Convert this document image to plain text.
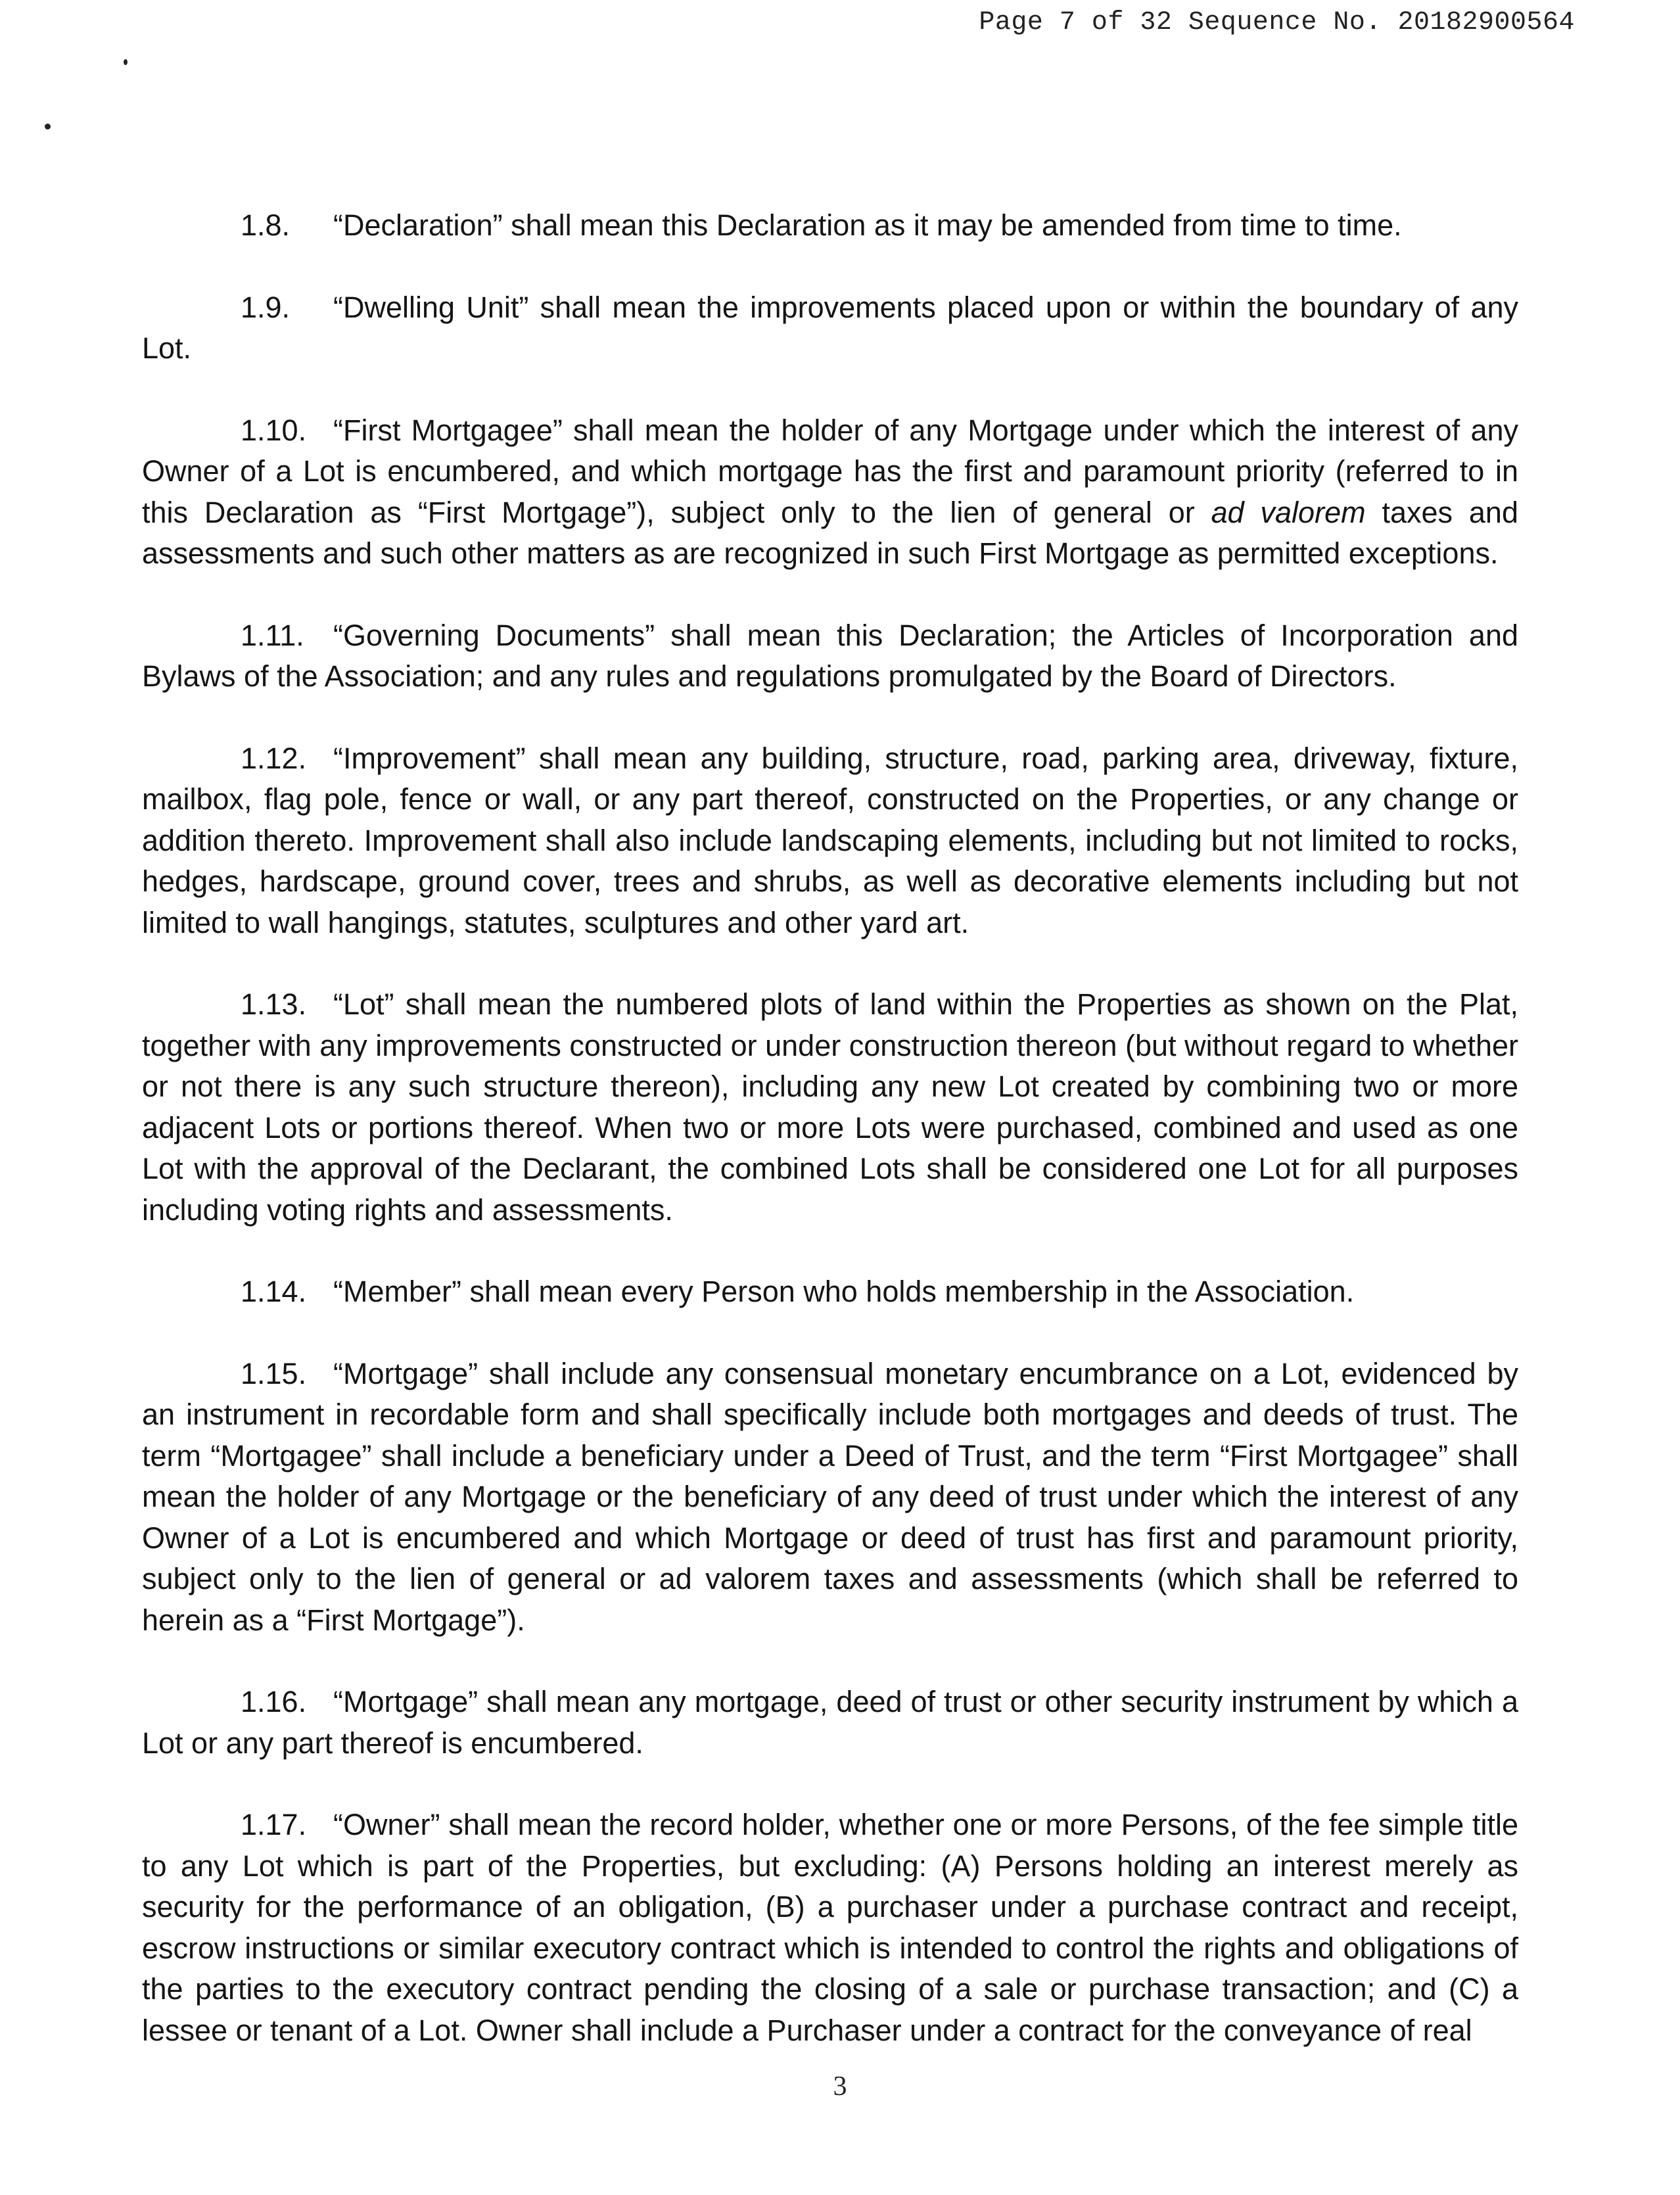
Page 7 of 32 Sequence No. 20182900564

1.8. “Declaration” shall mean this Declaration as it may be amended from time to time.

1.9. “Dwelling Unit” shall mean the improvements placed upon or within the boundary of any Lot.

1.10. “First Mortgagee” shall mean the holder of any Mortgage under which the interest of any Owner of a Lot is encumbered, and which mortgage has the first and paramount priority (referred to in this Declaration as “First Mortgage”), subject only to the lien of general or ad valorem taxes and assessments and such other matters as are recognized in such First Mortgage as permitted exceptions.

1.11. “Governing Documents” shall mean this Declaration; the Articles of Incorporation and Bylaws of the Association; and any rules and regulations promulgated by the Board of Directors.

1.12. “Improvement” shall mean any building, structure, road, parking area, driveway, fixture, mailbox, flag pole, fence or wall, or any part thereof, constructed on the Properties, or any change or addition thereto. Improvement shall also include landscaping elements, including but not limited to rocks, hedges, hardscape, ground cover, trees and shrubs, as well as decorative elements including but not limited to wall hangings, statutes, sculptures and other yard art.

1.13. “Lot” shall mean the numbered plots of land within the Properties as shown on the Plat, together with any improvements constructed or under construction thereon (but without regard to whether or not there is any such structure thereon), including any new Lot created by combining two or more adjacent Lots or portions thereof. When two or more Lots were purchased, combined and used as one Lot with the approval of the Declarant, the combined Lots shall be considered one Lot for all purposes including voting rights and assessments.

1.14. “Member” shall mean every Person who holds membership in the Association.

1.15. “Mortgage” shall include any consensual monetary encumbrance on a Lot, evidenced by an instrument in recordable form and shall specifically include both mortgages and deeds of trust. The term “Mortgagee” shall include a beneficiary under a Deed of Trust, and the term “First Mortgagee” shall mean the holder of any Mortgage or the beneficiary of any deed of trust under which the interest of any Owner of a Lot is encumbered and which Mortgage or deed of trust has first and paramount priority, subject only to the lien of general or ad valorem taxes and assessments (which shall be referred to herein as a “First Mortgage”).

1.16. “Mortgage” shall mean any mortgage, deed of trust or other security instrument by which a Lot or any part thereof is encumbered.

1.17. “Owner” shall mean the record holder, whether one or more Persons, of the fee simple title to any Lot which is part of the Properties, but excluding: (A) Persons holding an interest merely as security for the performance of an obligation, (B) a purchaser under a purchase contract and receipt, escrow instructions or similar executory contract which is intended to control the rights and obligations of the parties to the executory contract pending the closing of a sale or purchase transaction; and (C) a lessee or tenant of a Lot. Owner shall include a Purchaser under a contract for the conveyance of real

3
